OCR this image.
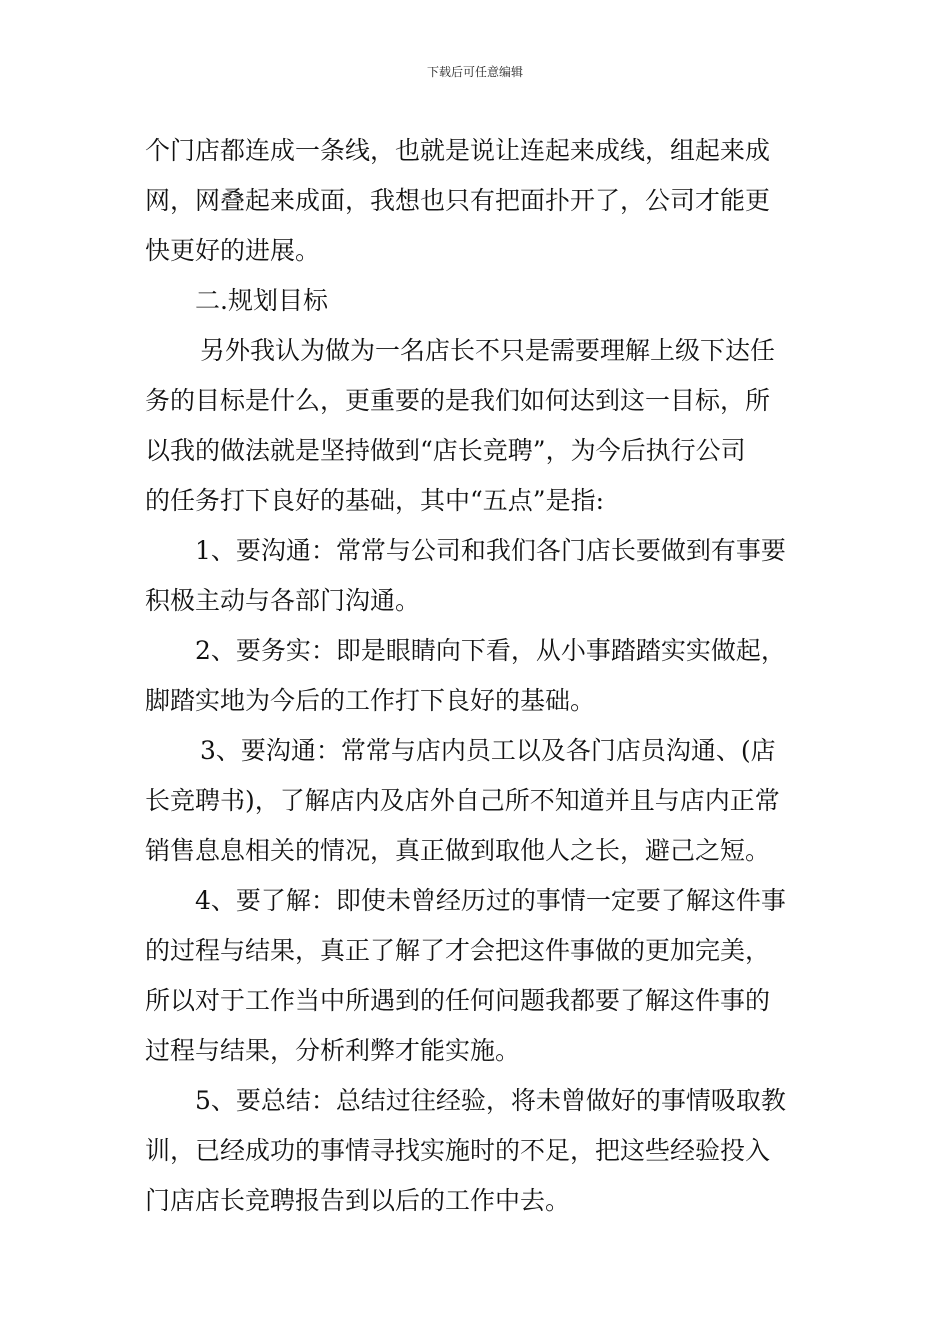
下载后可任意编辑
个门店都连成一条线，也就是说让连起来成线，组起来成
网，网叠起来成面，我想也只有把面扑开了，公司才能更
快更好的进展。
二.规划目标
另外我认为做为一名店长不只是需要理解上级下达任
务的目标是什么，更重要的是我们如何达到这一目标，所
以我的做法就是坚持做到“店长竞聘”，为今后执行公司
的任务打下良好的基础，其中“五点”是指:
1、要沟通：常常与公司和我们各门店长要做到有事要
积极主动与各部门沟通。
2、要务实：即是眼睛向下看，从小事踏踏实实做起，
脚踏实地为今后的工作打下良好的基础。
3、要沟通：常常与店内员工以及各门店员沟通、(店
长竞聘书)，了解店内及店外自己所不知道并且与店内正常
销售息息相关的情况，真正做到取他人之长，避己之短。
4、要了解：即使未曾经历过的事情一定要了解这件事
的过程与结果，真正了解了才会把这件事做的更加完美，
所以对于工作当中所遇到的任何问题我都要了解这件事的
过程与结果，分析利弊才能实施。
5、要总结：总结过往经验，将未曾做好的事情吸取教
训，已经成功的事情寻找实施时的不足，把这些经验投入
门店店长竞聘报告到以后的工作中去。
